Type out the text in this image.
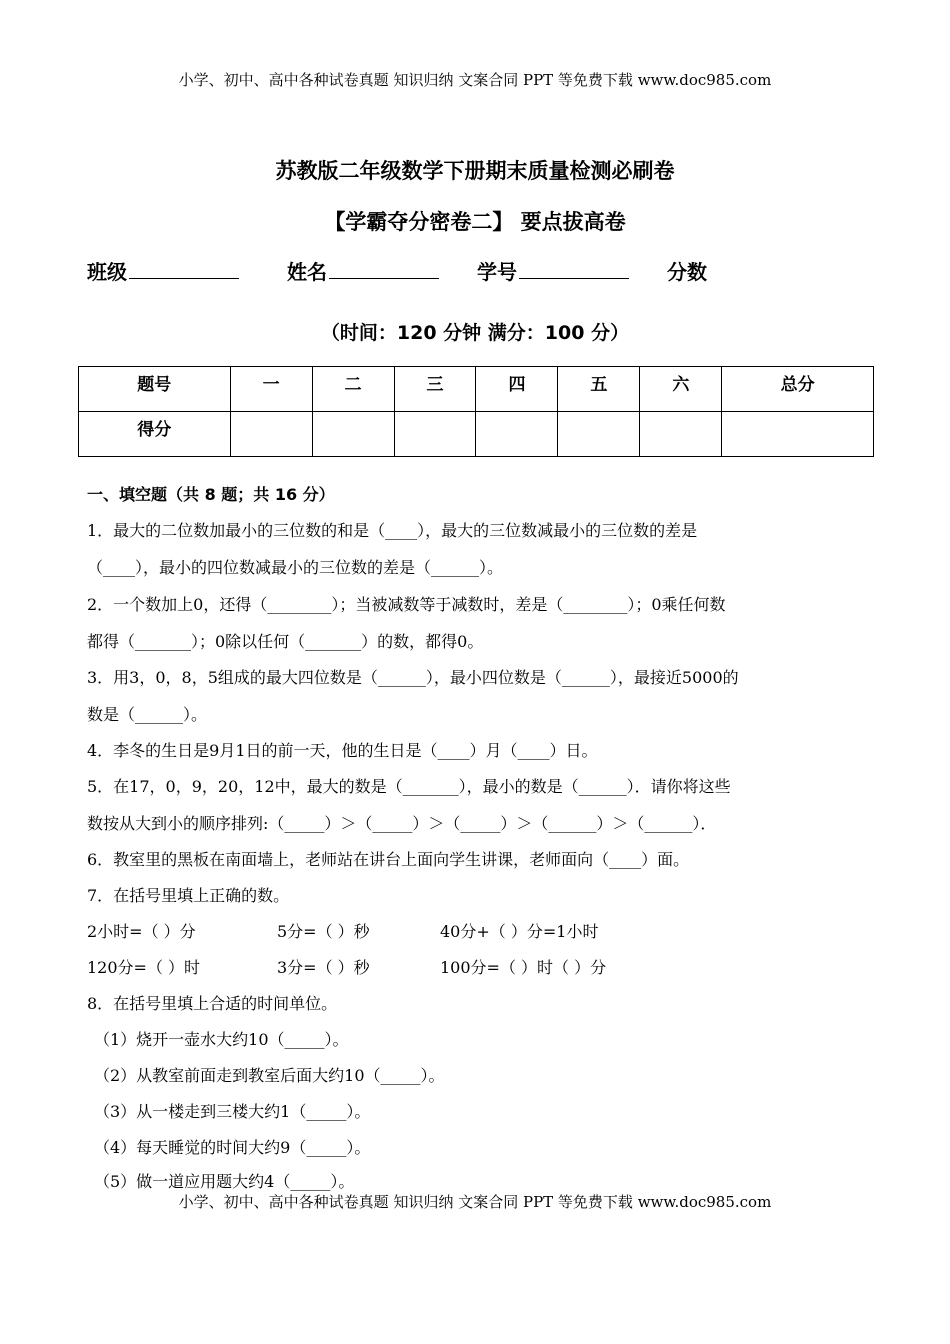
小学、初中、高中各种试卷真题 知识归纳 文案合同 PPT 等免费下载 www.doc985.com
苏教版二年级数学下册期末质量检测必刷卷
【学霸夺分密卷二】 要点拔高卷
班级	姓名	学号	分数
（时间：120 分钟 满分：100 分）
题号	一	二	三	四	五	六	总分
得分							
一、填空题（共 8 题；共 16 分）
1．最大的二位数加最小的三位数的和是（____），最大的三位数减最小的三位数的差是
（____），最小的四位数减最小的三位数的差是（______）。
2．一个数加上0，还得（________）；当被减数等于减数时，差是（________）；0乘任何数
都得（_______）；0除以任何（_______）的数，都得0。
3．用3，0，8，5组成的最大四位数是（______），最小四位数是（______），最接近5000的
数是（______）。
4．李冬的生日是9月1日的前一天，他的生日是（____）月（____）日。
5．在17，0，9，20，12中，最大的数是（_______），最小的数是（______）．请你将这些
数按从大到小的顺序排列:（_____）＞（_____）＞（_____）＞（______）＞（______）．
6．教室里的黑板在南面墙上，老师站在讲台上面向学生讲课，老师面向（____）面。
7．在括号里填上正确的数。
2小时=（ ）分	5分=（ ）秒	40分+（ ）分=1小时
120分=（ ）时	3分=（ ）秒	100分=（ ）时（ ）分
8．在括号里填上合适的时间单位。
（1）烧开一壶水大约10（_____）。
（2）从教室前面走到教室后面大约10（_____）。
（3）从一楼走到三楼大约1（_____）。
（4）每天睡觉的时间大约9（_____）。
（5）做一道应用题大约4（_____）。
小学、初中、高中各种试卷真题 知识归纳 文案合同 PPT 等免费下载 www.doc985.com
